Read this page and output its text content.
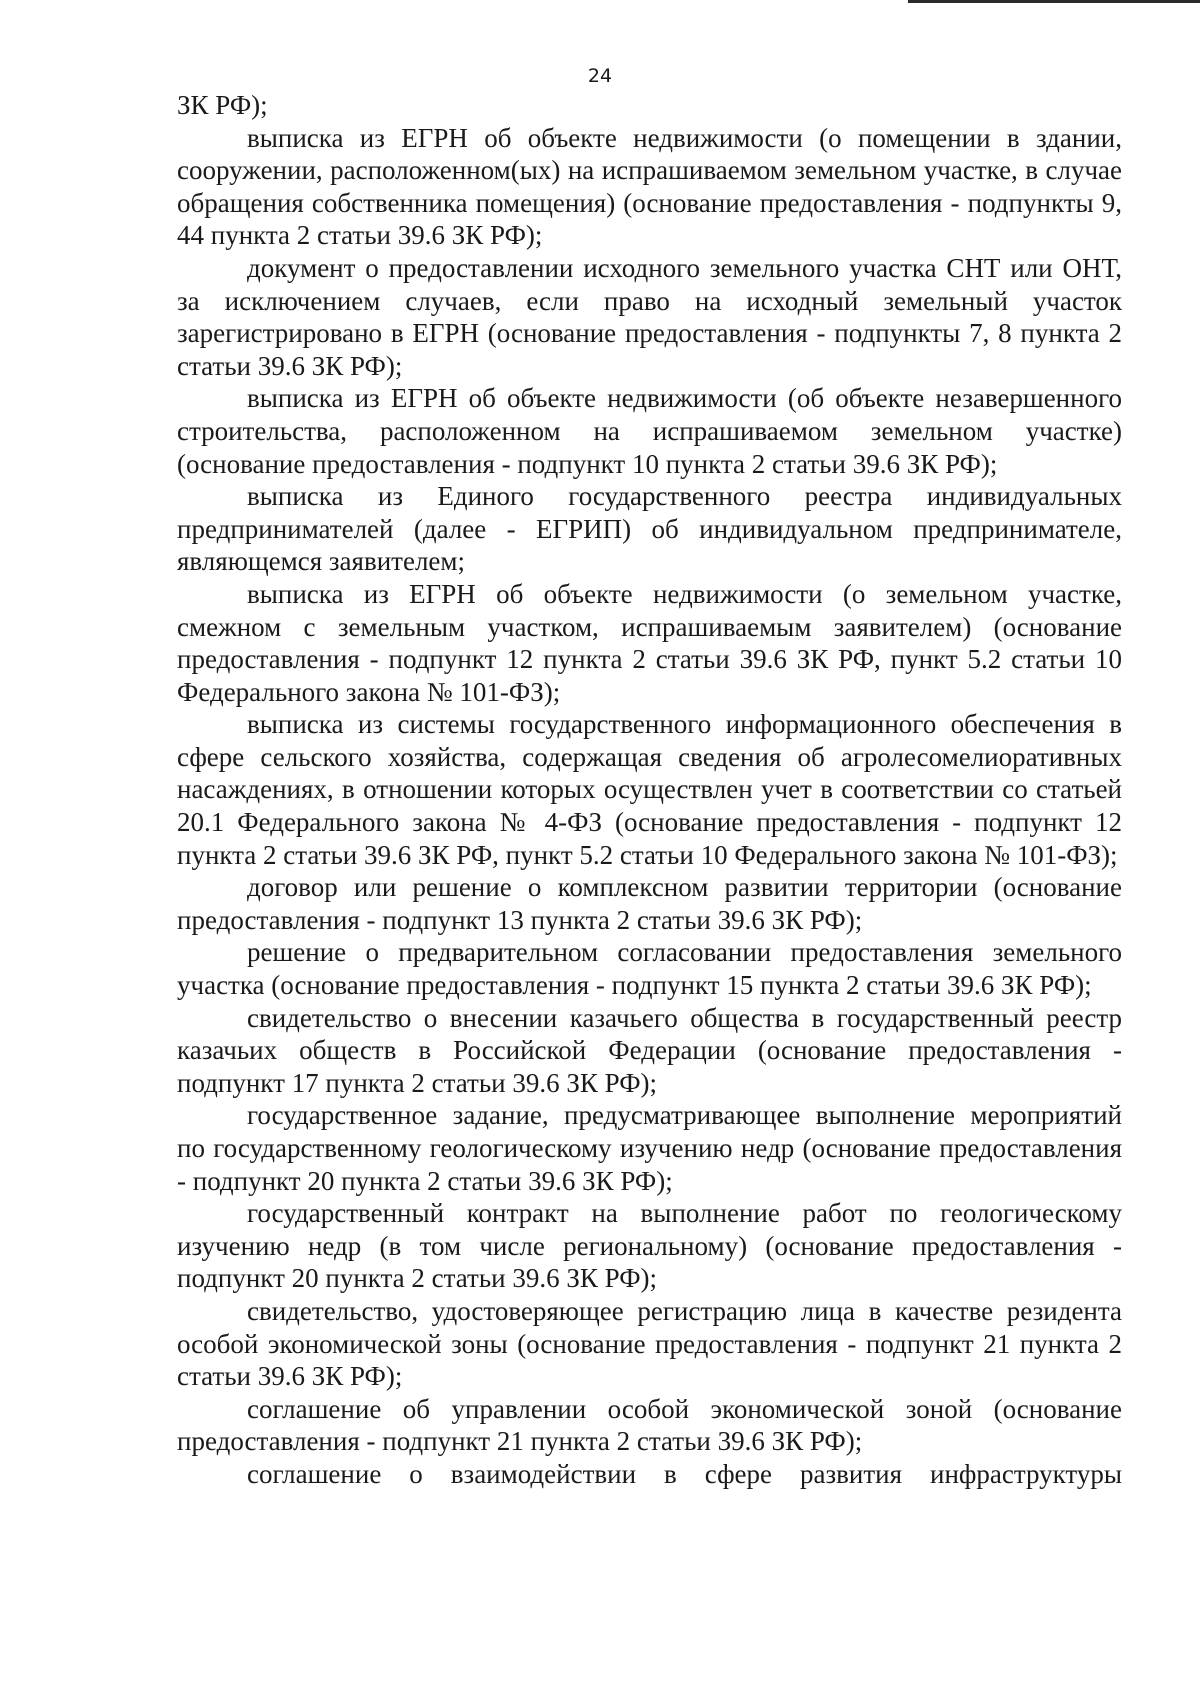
24

ЗК РФ);

выписка из ЕГРН об объекте недвижимости (о помещении в здании, сооружении, расположенном(ых) на испрашиваемом земельном участке, в случае обращения собственника помещения) (основание предоставления - подпункты 9, 44 пункта 2 статьи 39.6 ЗК РФ);

документ о предоставлении исходного земельного участка СНТ или ОНТ, за исключением случаев, если право на исходный земельный участок зарегистрировано в ЕГРН (основание предоставления - подпункты 7, 8 пункта 2 статьи 39.6 ЗК РФ);

выписка из ЕГРН об объекте недвижимости (об объекте незавершенного строительства, расположенном на испрашиваемом земельном участке) (основание предоставления - подпункт 10 пункта 2 статьи 39.6 ЗК РФ);

выписка из Единого государственного реестра индивидуальных предпринимателей (далее - ЕГРИП) об индивидуальном предпринимателе, являющемся заявителем;

выписка из ЕГРН об объекте недвижимости (о земельном участке, смежном с земельным участком, испрашиваемым заявителем) (основание предоставления - подпункт 12 пункта 2 статьи 39.6 ЗК РФ, пункт 5.2 статьи 10 Федерального закона № 101-ФЗ);

выписка из системы государственного информационного обеспечения в сфере сельского хозяйства, содержащая сведения об агролесомелиоративных насаждениях, в отношении которых осуществлен учет в соответствии со статьей 20.1 Федерального закона № 4-ФЗ (основание предоставления - подпункт 12 пункта 2 статьи 39.6 ЗК РФ, пункт 5.2 статьи 10 Федерального закона № 101-ФЗ);

договор или решение о комплексном развитии территории (основание предоставления - подпункт 13 пункта 2 статьи 39.6 ЗК РФ);

решение о предварительном согласовании предоставления земельного участка (основание предоставления - подпункт 15 пункта 2 статьи 39.6 ЗК РФ);

свидетельство о внесении казачьего общества в государственный реестр казачьих обществ в Российской Федерации (основание предоставления - подпункт 17 пункта 2 статьи 39.6 ЗК РФ);

государственное задание, предусматривающее выполнение мероприятий по государственному геологическому изучению недр (основание предоставления - подпункт 20 пункта 2 статьи 39.6 ЗК РФ);

государственный контракт на выполнение работ по геологическому изучению недр (в том числе региональному) (основание предоставления - подпункт 20 пункта 2 статьи 39.6 ЗК РФ);

свидетельство, удостоверяющее регистрацию лица в качестве резидента особой экономической зоны (основание предоставления - подпункт 21 пункта 2 статьи 39.6 ЗК РФ);

соглашение об управлении особой экономической зоной (основание предоставления - подпункт 21 пункта 2 статьи 39.6 ЗК РФ);

соглашение о взаимодействии в сфере развития инфраструктуры
